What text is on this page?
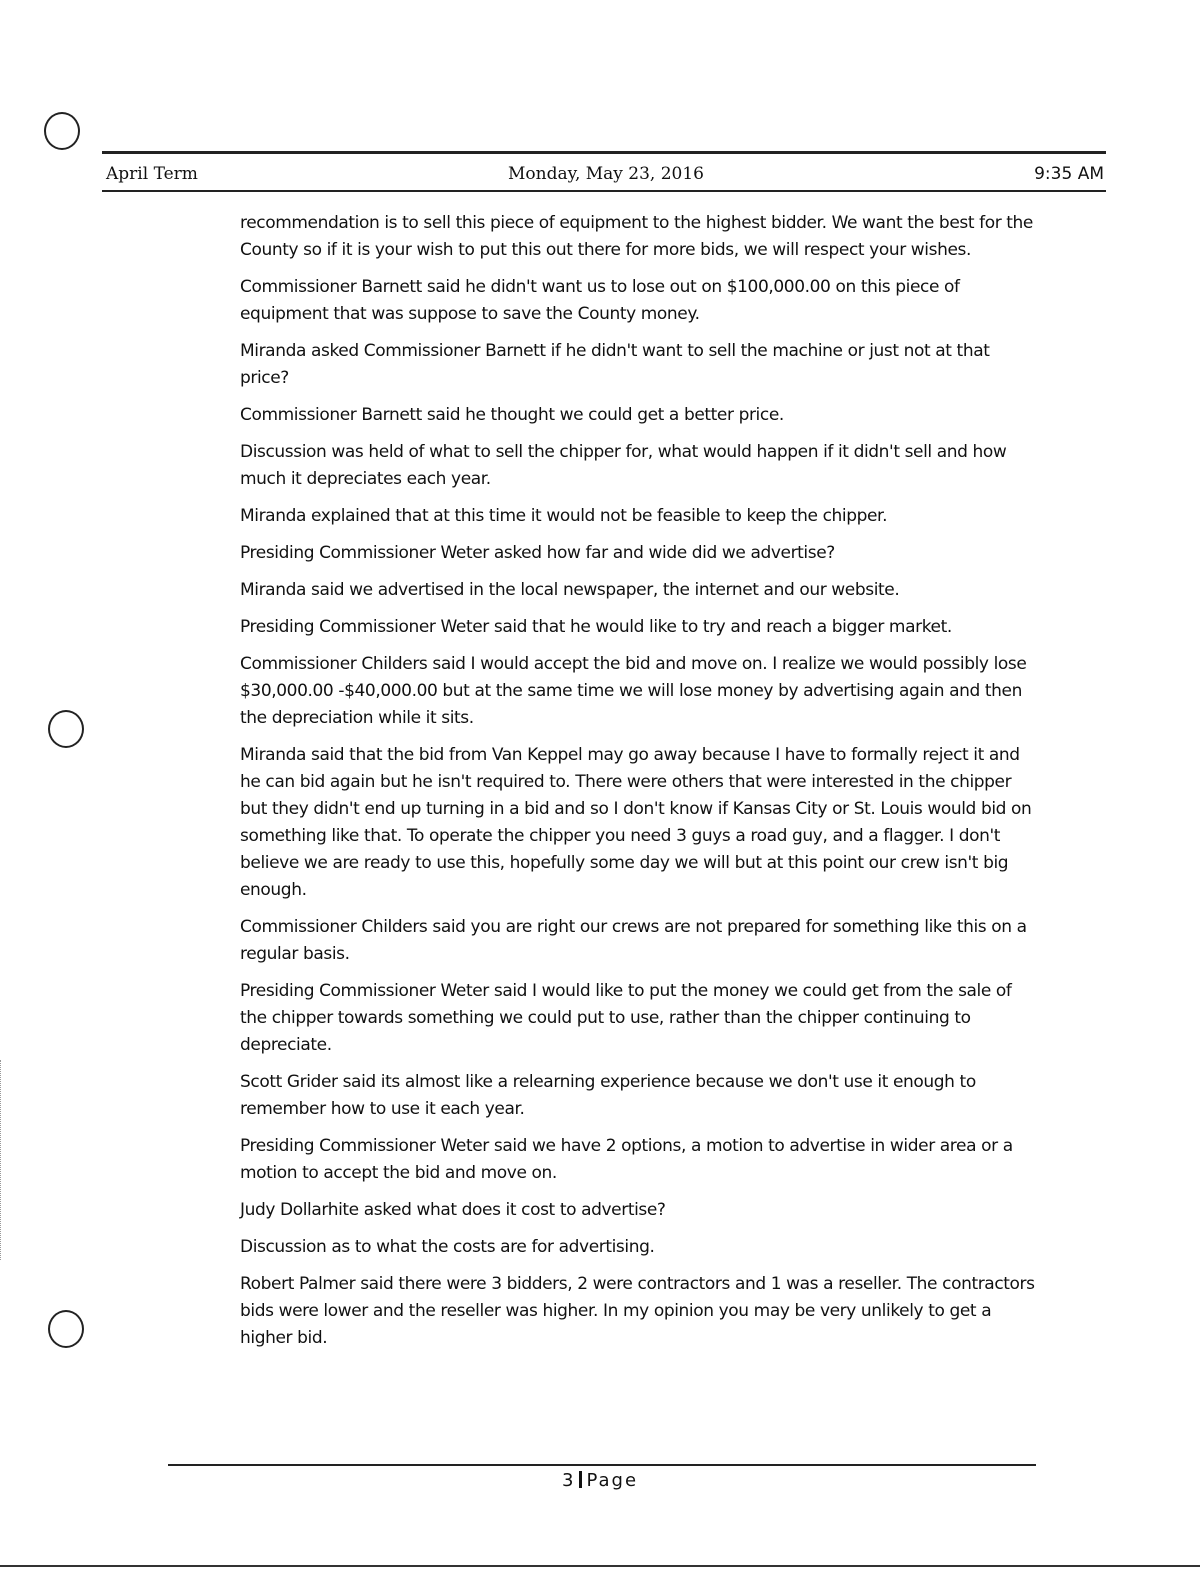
April Term	Monday, May 23, 2016	9:35 AM

recommendation is to sell this piece of equipment to the highest bidder. We want the best for the County so if it is your wish to put this out there for more bids, we will respect your wishes.

Commissioner Barnett said he didn't want us to lose out on $100,000.00 on this piece of equipment that was suppose to save the County money.

Miranda asked Commissioner Barnett if he didn't want to sell the machine or just not at that price?

Commissioner Barnett said he thought we could get a better price.

Discussion was held of what to sell the chipper for, what would happen if it didn't sell and how much it depreciates each year.

Miranda explained that at this time it would not be feasible to keep the chipper.

Presiding Commissioner Weter asked how far and wide did we advertise?

Miranda said we advertised in the local newspaper, the internet and our website.

Presiding Commissioner Weter said that he would like to try and reach a bigger market.

Commissioner Childers said I would accept the bid and move on. I realize we would possibly lose $30,000.00 -$40,000.00 but at the same time we will lose money by advertising again and then the depreciation while it sits.

Miranda said that the bid from Van Keppel may go away because I have to formally reject it and he can bid again but he isn't required to. There were others that were interested in the chipper but they didn't end up turning in a bid and so I don't know if Kansas City or St. Louis would bid on something like that. To operate the chipper you need 3 guys a road guy, and a flagger. I don't believe we are ready to use this, hopefully some day we will but at this point our crew isn't big enough.

Commissioner Childers said you are right our crews are not prepared for something like this on a regular basis.

Presiding Commissioner Weter said I would like to put the money we could get from the sale of the chipper towards something we could put to use, rather than the chipper continuing to depreciate.

Scott Grider said its almost like a relearning experience because we don't use it enough to remember how to use it each year.

Presiding Commissioner Weter said we have 2 options, a motion to advertise in wider area or a motion to accept the bid and move on.

Judy Dollarhite asked what does it cost to advertise?

Discussion as to what the costs are for advertising.

Robert Palmer said there were 3 bidders, 2 were contractors and 1 was a reseller. The contractors bids were lower and the reseller was higher. In my opinion you may be very unlikely to get a higher bid.

3 Page
